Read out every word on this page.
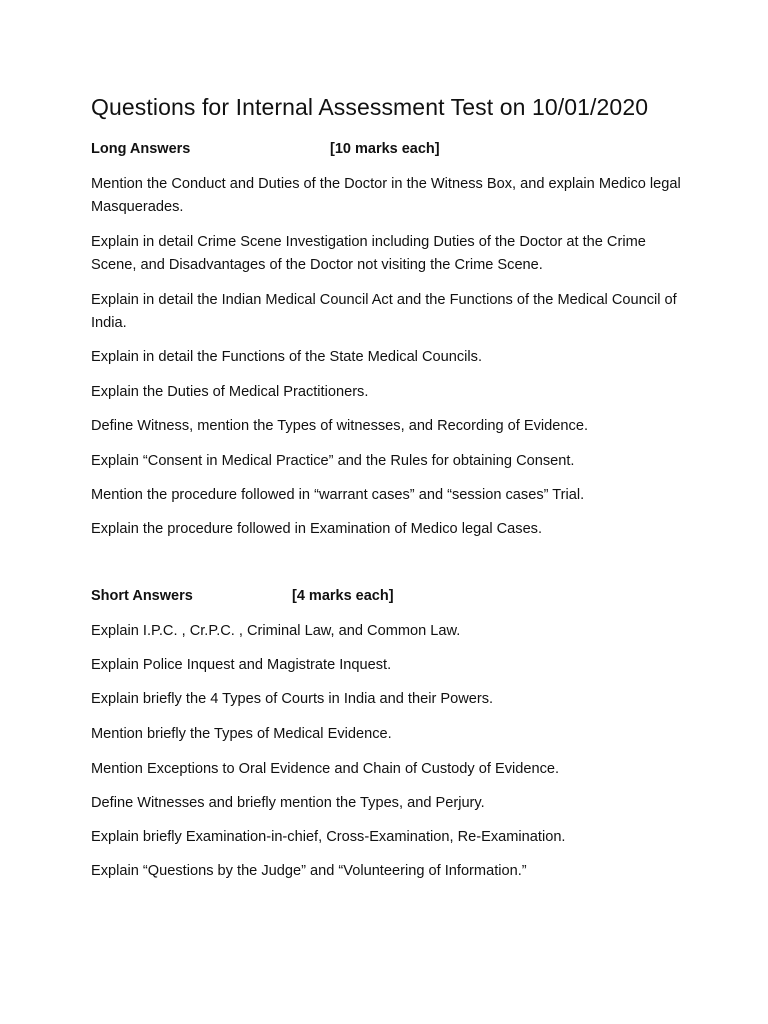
Questions for Internal Assessment Test on 10/01/2020
Long Answers	[10 marks each]
Mention the Conduct and Duties of the Doctor in the Witness Box, and explain Medico legal Masquerades.
Explain in detail Crime Scene Investigation including Duties of the Doctor at the Crime Scene, and Disadvantages of the Doctor not visiting the Crime Scene.
Explain in detail the Indian Medical Council Act and the Functions of the Medical Council of India.
Explain in detail the Functions of the State Medical Councils.
Explain the Duties of Medical Practitioners.
Define Witness, mention the Types of witnesses, and Recording of Evidence.
Explain “Consent in Medical Practice” and the Rules for obtaining Consent.
Mention the procedure followed in “warrant cases” and “session cases” Trial.
Explain the procedure followed in Examination of Medico legal Cases.
Short Answers	[4 marks each]
Explain I.P.C. , Cr.P.C. , Criminal Law, and Common Law.
Explain Police Inquest and Magistrate Inquest.
Explain briefly the 4 Types of Courts in India and their Powers.
Mention briefly the Types of Medical Evidence.
Mention Exceptions to Oral Evidence and Chain of Custody of Evidence.
Define Witnesses and briefly mention the Types, and Perjury.
Explain briefly Examination-in-chief, Cross-Examination, Re-Examination.
Explain “Questions by the Judge” and “Volunteering of Information.”
